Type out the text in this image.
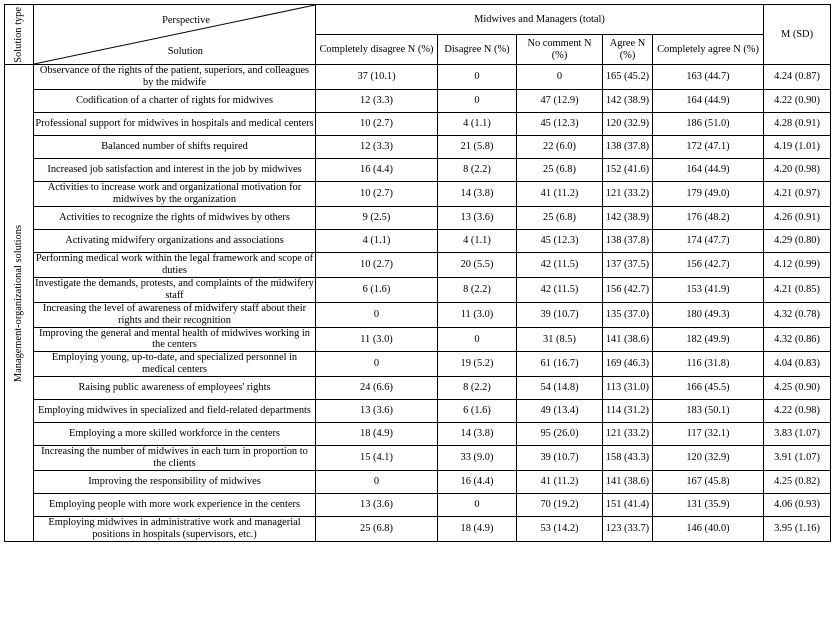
Solution type	Perspective
Solution	Midwives and Managers (total)					M (SD)
		Completely disagree N (%)	Disagree N (%)	No comment N (%)	Agree N (%)	Completely agree N (%)	

Management-organizational solutions	Observance of the rights of the patient, superiors, and colleagues by the midwife	37 (10.1)	0	0	165 (45.2)	163 (44.7)	4.24 (0.87)
	Codification of a charter of rights for midwives	12 (3.3)	0	47 (12.9)	142 (38.9)	164 (44.9)	4.22 (0.90)
	Professional support for midwives in hospitals and medical centers	10 (2.7)	4 (1.1)	45 (12.3)	120 (32.9)	186 (51.0)	4.28 (0.91)
	Balanced number of shifts required	12 (3.3)	21 (5.8)	22 (6.0)	138 (37.8)	172 (47.1)	4.19 (1.01)
	Increased job satisfaction and interest in the job by midwives	16 (4.4)	8 (2.2)	25 (6.8)	152 (41.6)	164 (44.9)	4.20 (0.98)
	Activities to increase work and organizational motivation for midwives by the organization	10 (2.7)	14 (3.8)	41 (11.2)	121 (33.2)	179 (49.0)	4.21 (0.97)
	Activities to recognize the rights of midwives by others	9 (2.5)	13 (3.6)	25 (6.8)	142 (38.9)	176 (48.2)	4.26 (0.91)
	Activating midwifery organizations and associations	4 (1.1)	4 (1.1)	45 (12.3)	138 (37.8)	174 (47.7)	4.29 (0.80)
	Performing medical work within the legal framework and scope of duties	10 (2.7)	20 (5.5)	42 (11.5)	137 (37.5)	156 (42.7)	4.12 (0.99)
	Investigate the demands, protests, and complaints of the midwifery staff	6 (1.6)	8 (2.2)	42 (11.5)	156 (42.7)	153 (41.9)	4.21 (0.85)
	Increasing the level of awareness of midwifery staff about their rights and their recognition	0	11 (3.0)	39 (10.7)	135 (37.0)	180 (49.3)	4.32 (0.78)
	Improving the general and mental health of midwives working in the centers	11 (3.0)	0	31 (8.5)	141 (38.6)	182 (49.9)	4.32 (0.86)
	Employing young, up-to-date, and specialized personnel in medical centers	0	19 (5.2)	61 (16.7)	169 (46.3)	116 (31.8)	4.04 (0.83)
	Raising public awareness of employees' rights	24 (6.6)	8 (2.2)	54 (14.8)	113 (31.0)	166 (45.5)	4.25 (0.90)
	Employing midwives in specialized and field-related departments	13 (3.6)	6 (1.6)	49 (13.4)	114 (31.2)	183 (50.1)	4.22 (0.98)
	Employing a more skilled workforce in the centers	18 (4.9)	14 (3.8)	95 (26.0)	121 (33.2)	117 (32.1)	3.83 (1.07)
	Increasing the number of midwives in each turn in proportion to the clients	15 (4.1)	33 (9.0)	39 (10.7)	158 (43.3)	120 (32.9)	3.91 (1.07)
	Improving the responsibility of midwives	0	16 (4.4)	41 (11.2)	141 (38.6)	167 (45.8)	4.25 (0.82)
	Employing people with more work experience in the centers	13 (3.6)	0	70 (19.2)	151 (41.4)	131 (35.9)	4.06 (0.93)
	Employing midwives in administrative work and managerial positions in hospitals (supervisors, etc.)	25 (6.8)	18 (4.9)	53 (14.2)	123 (33.7)	146 (40.0)	3.95 (1.16)
